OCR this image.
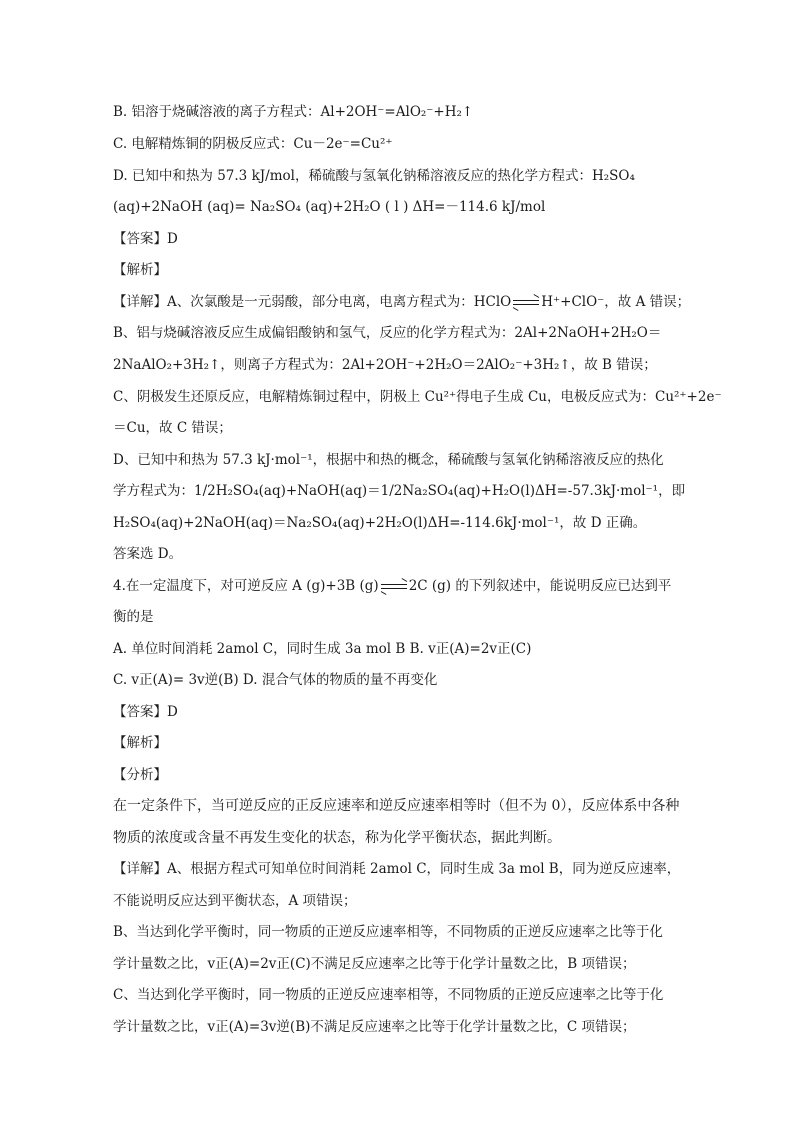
B. 铝溶于烧碱溶液的离子方程式：Al+2OH⁻=AlO₂⁻+H₂↑
C. 电解精炼铜的阴极反应式：Cu－2e⁻=Cu²⁺
D. 已知中和热为 57.3 kJ/mol，稀硫酸与氢氧化钠稀溶液反应的热化学方程式：H₂SO₄
(aq)+2NaOH (aq)= Na₂SO₄ (aq)+2H₂O ( l ) ΔH=－114.6 kJ/mol
【答案】D
【解析】
【详解】A、次氯酸是一元弱酸，部分电离，电离方程式为：HClO H⁺+ClO⁻，故 A 错误；
B、铝与烧碱溶液反应生成偏铝酸钠和氢气，反应的化学方程式为：2Al+2NaOH+2H₂O＝
2NaAlO₂+3H₂↑，则离子方程式为：2Al+2OH⁻+2H₂O＝2AlO₂⁻+3H₂↑，故 B 错误；
C、阴极发生还原反应，电解精炼铜过程中，阴极上 Cu²⁺得电子生成 Cu，电极反应式为：Cu²⁺+2e⁻
＝Cu，故 C 错误；
D、已知中和热为 57.3 kJ·mol⁻¹，根据中和热的概念，稀硫酸与氢氧化钠稀溶液反应的热化
学方程式为：1/2H₂SO₄(aq)+NaOH(aq)＝1/2Na₂SO₄(aq)+H₂O(l)ΔH=-57.3kJ·mol⁻¹，即
H₂SO₄(aq)+2NaOH(aq)＝Na₂SO₄(aq)+2H₂O(l)ΔH=-114.6kJ·mol⁻¹，故 D 正确。
答案选 D。
4.在一定温度下，对可逆反应 A (g)+3B (g) 2C (g) 的下列叙述中，能说明反应已达到平
衡的是
A. 单位时间消耗 2amol C，同时生成 3a mol B B. v正(A)=2v正(C)
C. v正(A)= 3v逆(B) D. 混合气体的物质的量不再变化
【答案】D
【解析】
【分析】
在一定条件下，当可逆反应的正反应速率和逆反应速率相等时（但不为 0），反应体系中各种
物质的浓度或含量不再发生变化的状态，称为化学平衡状态，据此判断。
【详解】A、根据方程式可知单位时间消耗 2amol C，同时生成 3a mol B，同为逆反应速率，
不能说明反应达到平衡状态，A 项错误；
B、当达到化学平衡时，同一物质的正逆反应速率相等，不同物质的正逆反应速率之比等于化
学计量数之比，v正(A)=2v正(C)不满足反应速率之比等于化学计量数之比，B 项错误；
C、当达到化学平衡时，同一物质的正逆反应速率相等，不同物质的正逆反应速率之比等于化
学计量数之比，v正(A)=3v逆(B)不满足反应速率之比等于化学计量数之比，C 项错误；
